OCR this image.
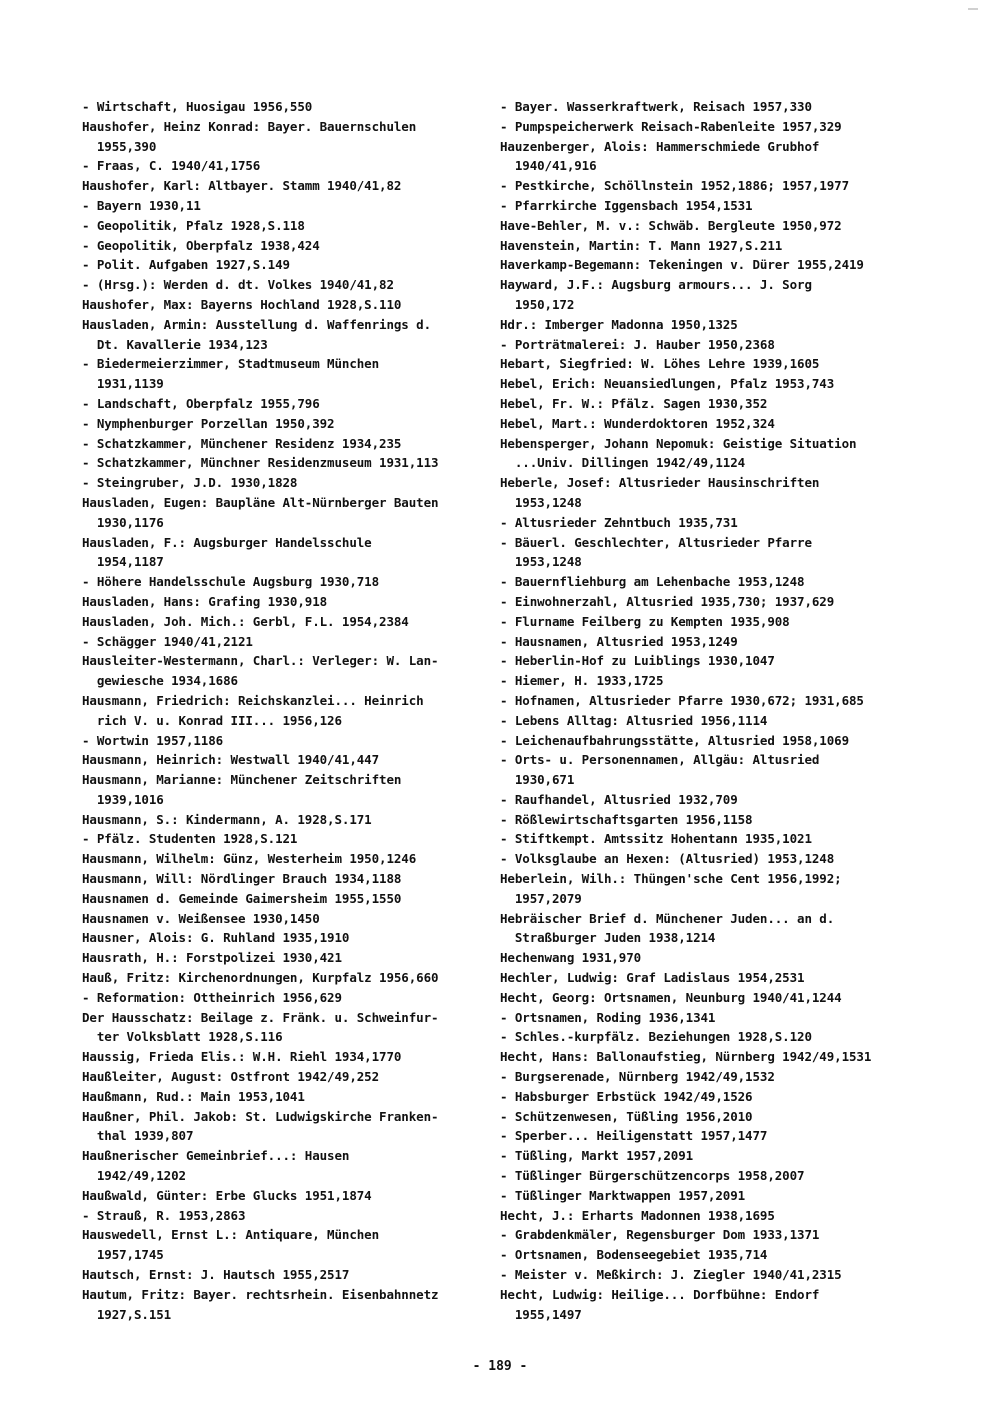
- Wirtschaft, Huosigau 1956,550
Haushofer, Heinz Konrad: Bayer. Bauernschulen
1955,390
- Fraas, C. 1940/41,1756
Haushofer, Karl: Altbayer. Stamm 1940/41,82
- Bayern 1930,11
- Geopolitik, Pfalz 1928,S.118
- Geopolitik, Oberpfalz 1938,424
- Polit. Aufgaben 1927,S.149
- (Hrsg.): Werden d. dt. Volkes 1940/41,82
Haushofer, Max: Bayerns Hochland 1928,S.110
Hausladen, Armin: Ausstellung d. Waffenrings d.
Dt. Kavallerie 1934,123
- Biedermeierzimmer, Stadtmuseum München
1931,1139
- Landschaft, Oberpfalz 1955,796
- Nymphenburger Porzellan 1950,392
- Schatzkammer, Münchener Residenz 1934,235
- Schatzkammer, Münchner Residenzmuseum 1931,113
- Steingruber, J.D. 1930,1828
Hausladen, Eugen: Baupläne Alt-Nürnberger Bauten
1930,1176
Hausladen, F.: Augsburger Handelsschule
1954,1187
- Höhere Handelsschule Augsburg 1930,718
Hausladen, Hans: Grafing 1930,918
Hausladen, Joh. Mich.: Gerbl, F.L. 1954,2384
- Schägger 1940/41,2121
Hausleiter-Westermann, Charl.: Verleger: W. Lan-
gewiesche 1934,1686
Hausmann, Friedrich: Reichskanzlei... Heinrich
rich V. u. Konrad III... 1956,126
- Wortwin 1957,1186
Hausmann, Heinrich: Westwall 1940/41,447
Hausmann, Marianne: Münchener Zeitschriften
1939,1016
Hausmann, S.: Kindermann, A. 1928,S.171
- Pfälz. Studenten 1928,S.121
Hausmann, Wilhelm: Günz, Westerheim 1950,1246
Hausmann, Will: Nördlinger Brauch 1934,1188
Hausnamen d. Gemeinde Gaimersheim 1955,1550
Hausnamen v. Weißensee 1930,1450
Hausner, Alois: G. Ruhland 1935,1910
Hausrath, H.: Forstpolizei 1930,421
Hauß, Fritz: Kirchenordnungen, Kurpfalz 1956,660
- Reformation: Ottheinrich 1956,629
Der Hausschatz: Beilage z. Fränk. u. Schweinfur-
ter Volksblatt 1928,S.116
Haussig, Frieda Elis.: W.H. Riehl 1934,1770
Haußleiter, August: Ostfront 1942/49,252
Haußmann, Rud.: Main 1953,1041
Haußner, Phil. Jakob: St. Ludwigskirche Franken-
thal 1939,807
Haußnerischer Gemeinbrief...: Hausen
1942/49,1202
Haußwald, Günter: Erbe Glucks 1951,1874
- Strauß, R. 1953,2863
Hauswedell, Ernst L.: Antiquare, München
1957,1745
Hautsch, Ernst: J. Hautsch 1955,2517
Hautum, Fritz: Bayer. rechtsrhein. Eisenbahnnetz
1927,S.151
- Bayer. Wasserkraftwerk, Reisach 1957,330
- Pumpspeicherwerk Reisach-Rabenleite 1957,329
Hauzenberger, Alois: Hammerschmiede Grubhof
1940/41,916
- Pestkirche, Schöllnstein 1952,1886; 1957,1977
- Pfarrkirche Iggensbach 1954,1531
Have-Behler, M. v.: Schwäb. Bergleute 1950,972
Havenstein, Martin: T. Mann 1927,S.211
Haverkamp-Begemann: Tekeningen v. Dürer 1955,2419
Hayward, J.F.: Augsburg armours... J. Sorg
1950,172
Hdr.: Imberger Madonna 1950,1325
- Porträtmalerei: J. Hauber 1950,2368
Hebart, Siegfried: W. Löhes Lehre 1939,1605
Hebel, Erich: Neuansiedlungen, Pfalz 1953,743
Hebel, Fr. W.: Pfälz. Sagen 1930,352
Hebel, Mart.: Wunderdoktoren 1952,324
Hebensperger, Johann Nepomuk: Geistige Situation
...Univ. Dillingen 1942/49,1124
Heberle, Josef: Altusrieder Hausinschriften
1953,1248
- Altusrieder Zehntbuch 1935,731
- Bäuerl. Geschlechter, Altusrieder Pfarre
1953,1248
- Bauernfliehburg am Lehenbache 1953,1248
- Einwohnerzahl, Altusried 1935,730; 1937,629
- Flurname Feilberg zu Kempten 1935,908
- Hausnamen, Altusried 1953,1249
- Heberlin-Hof zu Luiblings 1930,1047
- Hiemer, H. 1933,1725
- Hofnamen, Altusrieder Pfarre 1930,672; 1931,685
- Lebens Alltag: Altusried 1956,1114
- Leichenaufbahrungsstätte, Altusried 1958,1069
- Orts- u. Personennamen, Allgäu: Altusried
1930,671
- Raufhandel, Altusried 1932,709
- Rößlewirtschaftsgarten 1956,1158
- Stiftkempt. Amtssitz Hohentann 1935,1021
- Volksglaube an Hexen: (Altusried) 1953,1248
Heberlein, Wilh.: Thüngen'sche Cent 1956,1992;
1957,2079
Hebräischer Brief d. Münchener Juden... an d.
Straßburger Juden 1938,1214
Hechenwang 1931,970
Hechler, Ludwig: Graf Ladislaus 1954,2531
Hecht, Georg: Ortsnamen, Neunburg 1940/41,1244
- Ortsnamen, Roding 1936,1341
- Schles.-kurpfälz. Beziehungen 1928,S.120
Hecht, Hans: Ballonaufstieg, Nürnberg 1942/49,1531
- Burgserenade, Nürnberg 1942/49,1532
- Habsburger Erbstück 1942/49,1526
- Schützenwesen, Tüßling 1956,2010
- Sperber... Heiligenstatt 1957,1477
- Tüßling, Markt 1957,2091
- Tüßlinger Bürgerschützencorps 1958,2007
- Tüßlinger Marktwappen 1957,2091
Hecht, J.: Erharts Madonnen 1938,1695
- Grabdenkmäler, Regensburger Dom 1933,1371
- Ortsnamen, Bodenseegebiet 1935,714
- Meister v. Meßkirch: J. Ziegler 1940/41,2315
Hecht, Ludwig: Heilige... Dorfbühne: Endorf
1955,1497
- 189 -
